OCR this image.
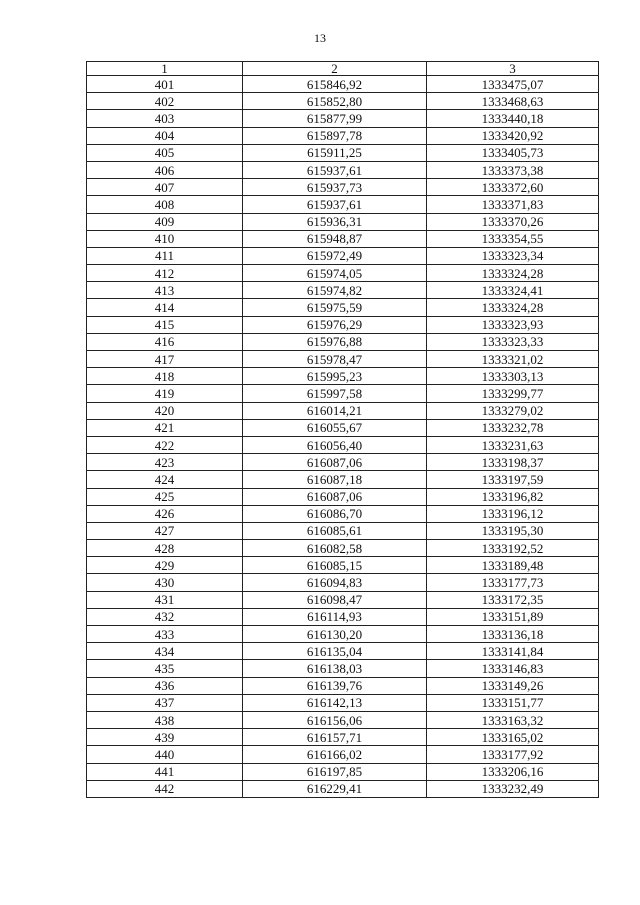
13
1	2	3
401	615846,92	1333475,07
402	615852,80	1333468,63
403	615877,99	1333440,18
404	615897,78	1333420,92
405	615911,25	1333405,73
406	615937,61	1333373,38
407	615937,73	1333372,60
408	615937,61	1333371,83
409	615936,31	1333370,26
410	615948,87	1333354,55
411	615972,49	1333323,34
412	615974,05	1333324,28
413	615974,82	1333324,41
414	615975,59	1333324,28
415	615976,29	1333323,93
416	615976,88	1333323,33
417	615978,47	1333321,02
418	615995,23	1333303,13
419	615997,58	1333299,77
420	616014,21	1333279,02
421	616055,67	1333232,78
422	616056,40	1333231,63
423	616087,06	1333198,37
424	616087,18	1333197,59
425	616087,06	1333196,82
426	616086,70	1333196,12
427	616085,61	1333195,30
428	616082,58	1333192,52
429	616085,15	1333189,48
430	616094,83	1333177,73
431	616098,47	1333172,35
432	616114,93	1333151,89
433	616130,20	1333136,18
434	616135,04	1333141,84
435	616138,03	1333146,83
436	616139,76	1333149,26
437	616142,13	1333151,77
438	616156,06	1333163,32
439	616157,71	1333165,02
440	616166,02	1333177,92
441	616197,85	1333206,16
442	616229,41	1333232,49
